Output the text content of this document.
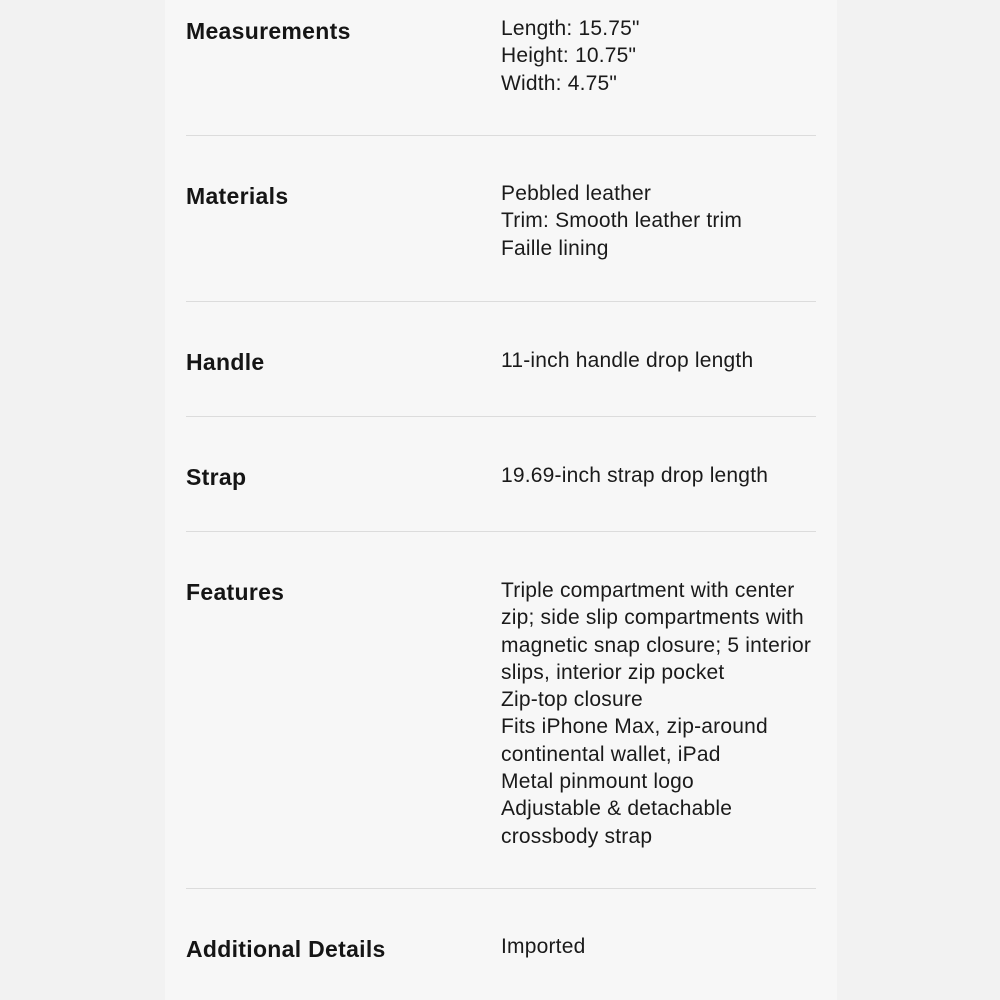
Measurements	Length: 15.75"
Height: 10.75"
Width: 4.75"
Materials	Pebbled leather
Trim: Smooth leather trim
Faille lining
Handle	11-inch handle drop length
Strap	19.69-inch strap drop length
Features	Triple compartment with center
zip; side slip compartments with
magnetic snap closure; 5 interior
slips, interior zip pocket
Zip-top closure
Fits iPhone Max, zip-around
continental wallet, iPad
Metal pinmount logo
Adjustable & detachable
crossbody strap
Additional Details	Imported
